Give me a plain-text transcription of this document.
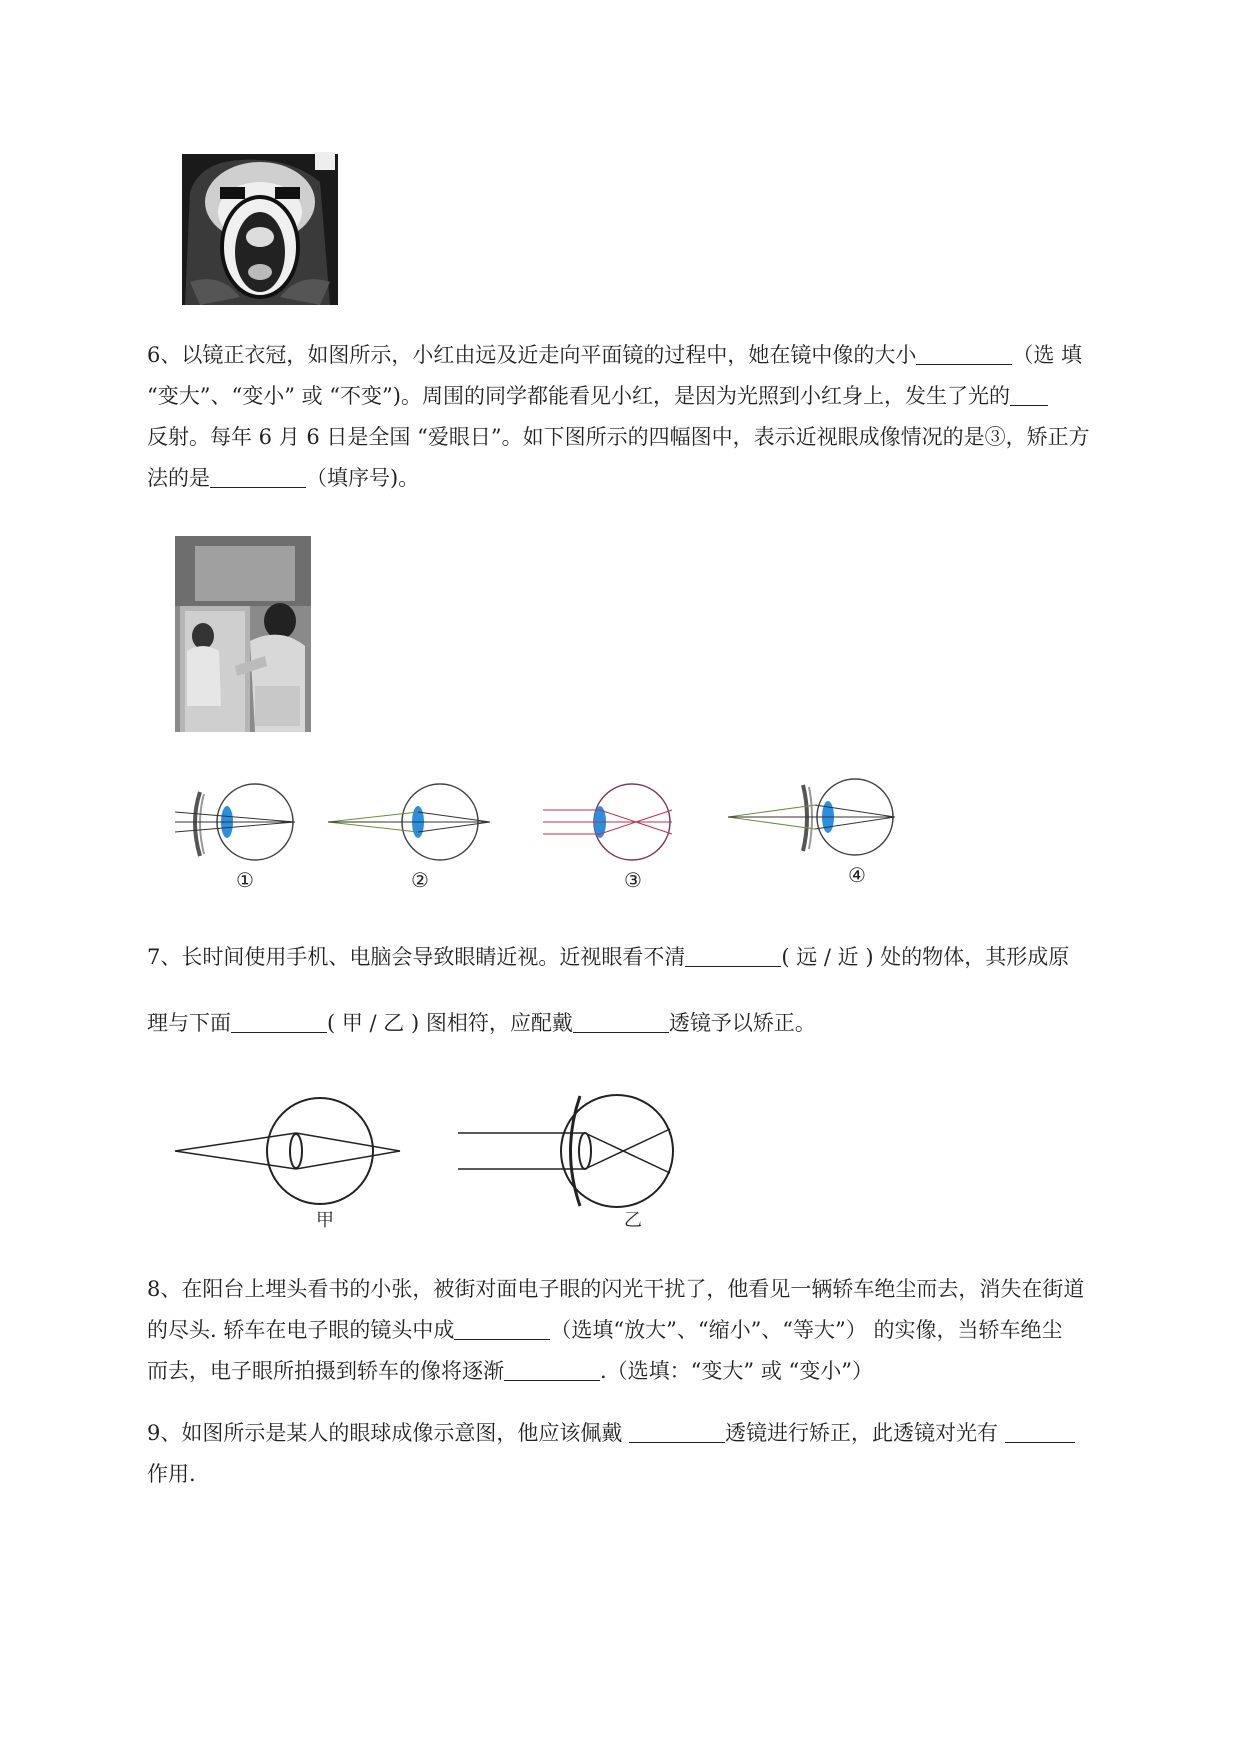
6、以镜正衣冠，如图所示，小红由远及近走向平面镜的过程中，她在镜中像的大小	（选 填
“变大”、“变小” 或 “不变”)。周围的同学都能看见小红，是因为光照到小红身上，发生了光的
反射。每年 6 月 6 日是全国 “爱眼日”。如下图所示的四幅图中，表示近视眼成像情况的是③，矫正方
法的是	（填序号)。
①	②	③	④
7、长时间使用手机、电脑会导致眼睛近视。近视眼看不清	( 远 / 近 ) 处的物体，其形成原
理与下面	( 甲 / 乙 ) 图相符，应配戴	透镜予以矫正。
甲	乙
8、在阳台上埋头看书的小张，被街对面电子眼的闪光干扰了，他看见一辆轿车绝尘而去，消失在街道
的尽头. 轿车在电子眼的镜头中成	（选填“放大”、“缩小”、“等大”） 的实像，当轿车绝尘
而去，电子眼所拍摄到轿车的像将逐渐	.（选填：“变大” 或 “变小”）
9、如图所示是某人的眼球成像示意图，他应该佩戴	透镜进行矫正，此透镜对光有
作用.
